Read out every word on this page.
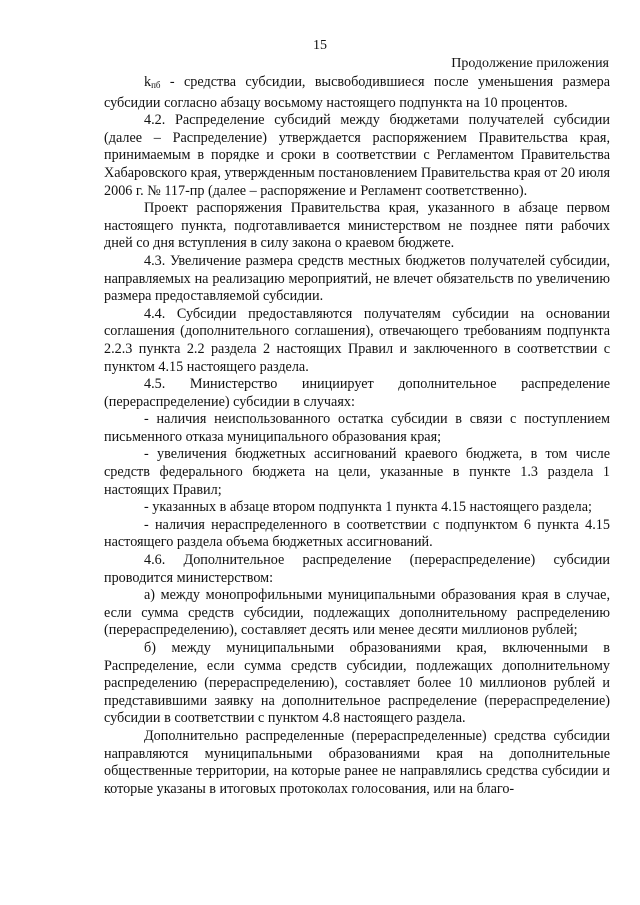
15
Продолжение приложения

$k_{пб}$ - средства субсидии, высвободившиеся после уменьшения размера субсидии согласно абзацу восьмому настоящего подпункта на 10 процентов.

4.2. Распределение субсидий между бюджетами получателей субсидии (далее – Распределение) утверждается распоряжением Правительства края, принимаемым в порядке и сроки в соответствии с Регламентом Правительства Хабаровского края, утвержденным постановлением Правительства края от 20 июля 2006 г. № 117-пр (далее – распоряжение и Регламент соответственно).

Проект распоряжения Правительства края, указанного в абзаце первом настоящего пункта, подготавливается министерством не позднее пяти рабочих дней со дня вступления в силу закона о краевом бюджете.

4.3. Увеличение размера средств местных бюджетов получателей субсидии, направляемых на реализацию мероприятий, не влечет обязательств по увеличению размера предоставляемой субсидии.

4.4. Субсидии предоставляются получателям субсидии на основании соглашения (дополнительного соглашения), отвечающего требованиям подпункта 2.2.3 пункта 2.2 раздела 2 настоящих Правил и заключенного в соответствии с пунктом 4.15 настоящего раздела.

4.5. Министерство инициирует дополнительное распределение (перераспределение) субсидии в случаях:

- наличия неиспользованного остатка субсидии в связи с поступлением письменного отказа муниципального образования края;

- увеличения бюджетных ассигнований краевого бюджета, в том числе средств федерального бюджета на цели, указанные в пункте 1.3 раздела 1 настоящих Правил;

- указанных в абзаце втором подпункта 1 пункта 4.15 настоящего раздела;

- наличия нераспределенного в соответствии с подпунктом 6 пункта 4.15 настоящего раздела объема бюджетных ассигнований.

4.6. Дополнительное распределение (перераспределение) субсидии проводится министерством:

а) между монопрофильными муниципальными образования края в случае, если сумма средств субсидии, подлежащих дополнительному распределению (перераспределению), составляет десять или менее десяти миллионов рублей;

б) между муниципальными образованиями края, включенными в Распределение, если сумма средств субсидии, подлежащих дополнительному распределению (перераспределению), составляет более 10 миллионов рублей и представившими заявку на дополнительное распределение (перераспределение) субсидии в соответствии с пунктом 4.8 настоящего раздела.

Дополнительно распределенные (перераспределенные) средства субсидии направляются муниципальными образованиями края на дополнительные общественные территории, на которые ранее не направлялись средства субсидии и которые указаны в итоговых протоколах голосования, или на благо-
